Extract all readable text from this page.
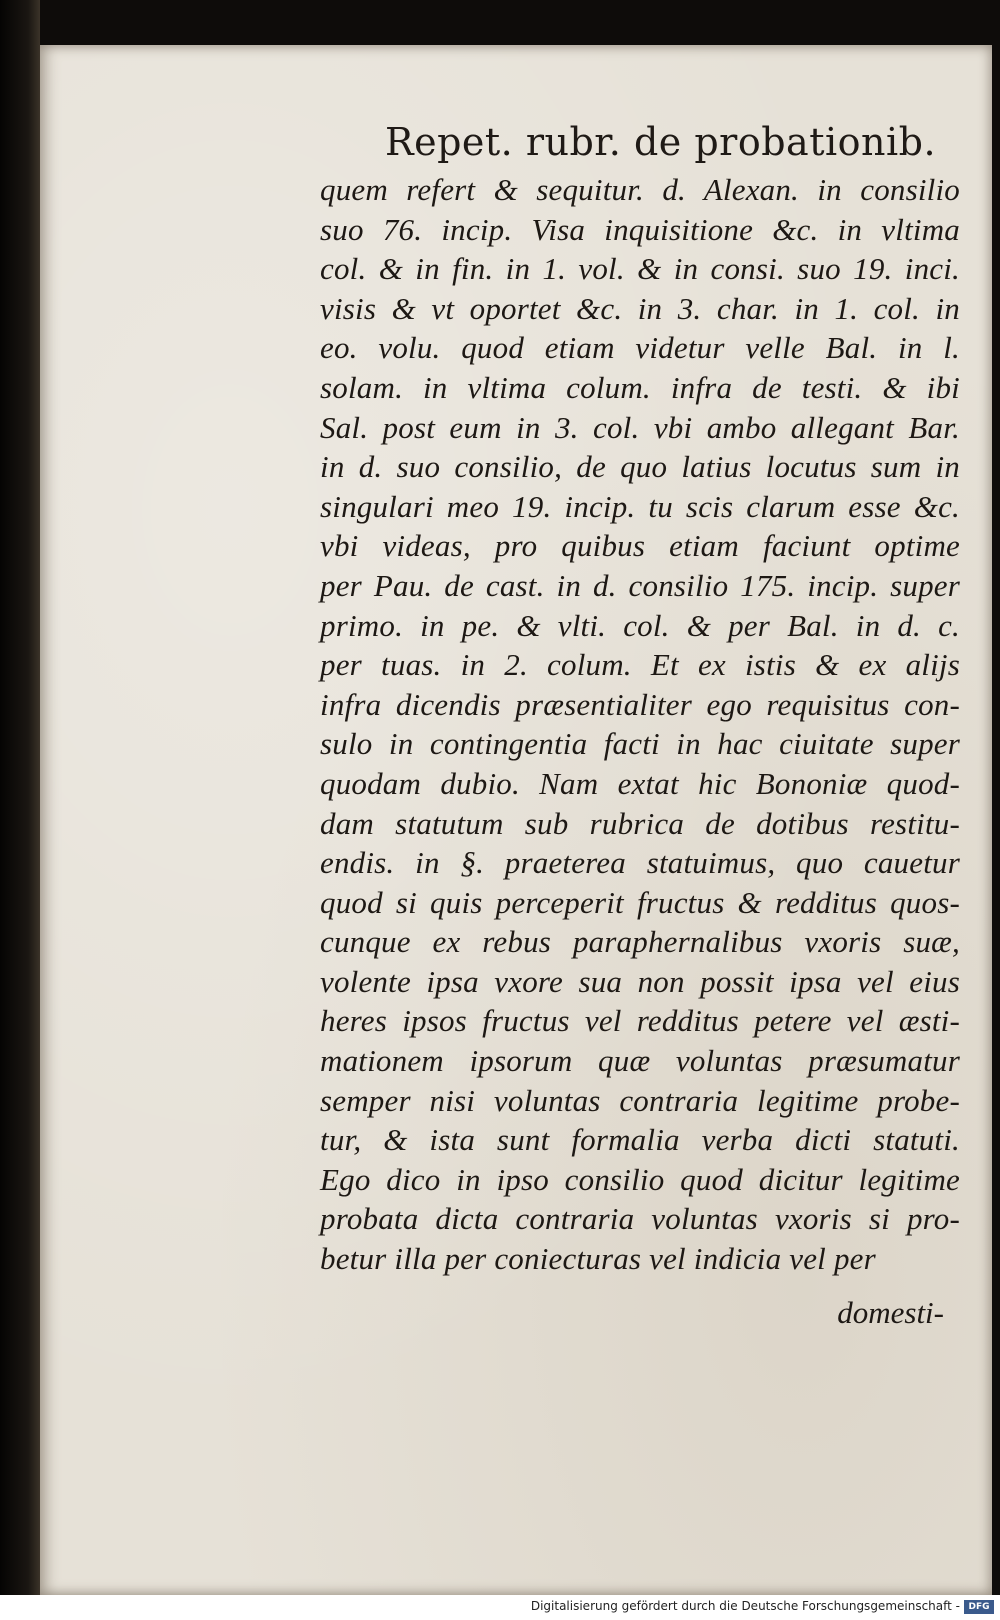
Repet. rubr. de probationib.
quem refert & sequitur. d. Alexan. in consilio
suo 76. incip. Visa inquisitione &c. in vltima
col. & in fin. in 1. vol. & in consi. suo 19. inci.
visis & vt oportet &c. in 3. char. in 1. col. in
eo. volu. quod etiam videtur velle Bal. in l.
solam. in vltima colum. infra de testi. & ibi
Sal. post eum in 3. col. vbi ambo allegant Bar.
in d. suo consilio, de quo latius locutus sum in
singulari meo 19. incip. tu scis clarum esse &c.
vbi videas, pro quibus etiam faciunt optime
per Pau. de cast. in d. consilio 175. incip. super
primo. in pe. & vlti. col. & per Bal. in d. c.
per tuas. in 2. colum. Et ex istis & ex alijs
infra dicendis præsentialiter ego requisitus con-
sulo in contingentia facti in hac ciuitate super
quodam dubio. Nam extat hic Bononiæ quod-
dam statutum sub rubrica de dotibus restitu-
endis. in §. praeterea statuimus, quo cauetur
quod si quis perceperit fructus & redditus quos-
cunque ex rebus paraphernalibus vxoris suæ,
volente ipsa vxore sua non possit ipsa vel eius
heres ipsos fructus vel redditus petere vel æsti-
mationem ipsorum quæ voluntas præsumatur
semper nisi voluntas contraria legitime probe-
tur, & ista sunt formalia verba dicti statuti.
Ego dico in ipso consilio quod dicitur legitime
probata dicta contraria voluntas vxoris si pro-
betur illa per coniecturas vel indicia vel per
domesti-
Digitalisierung gefördert durch die Deutsche Forschungsgemeinschaft - DFG
